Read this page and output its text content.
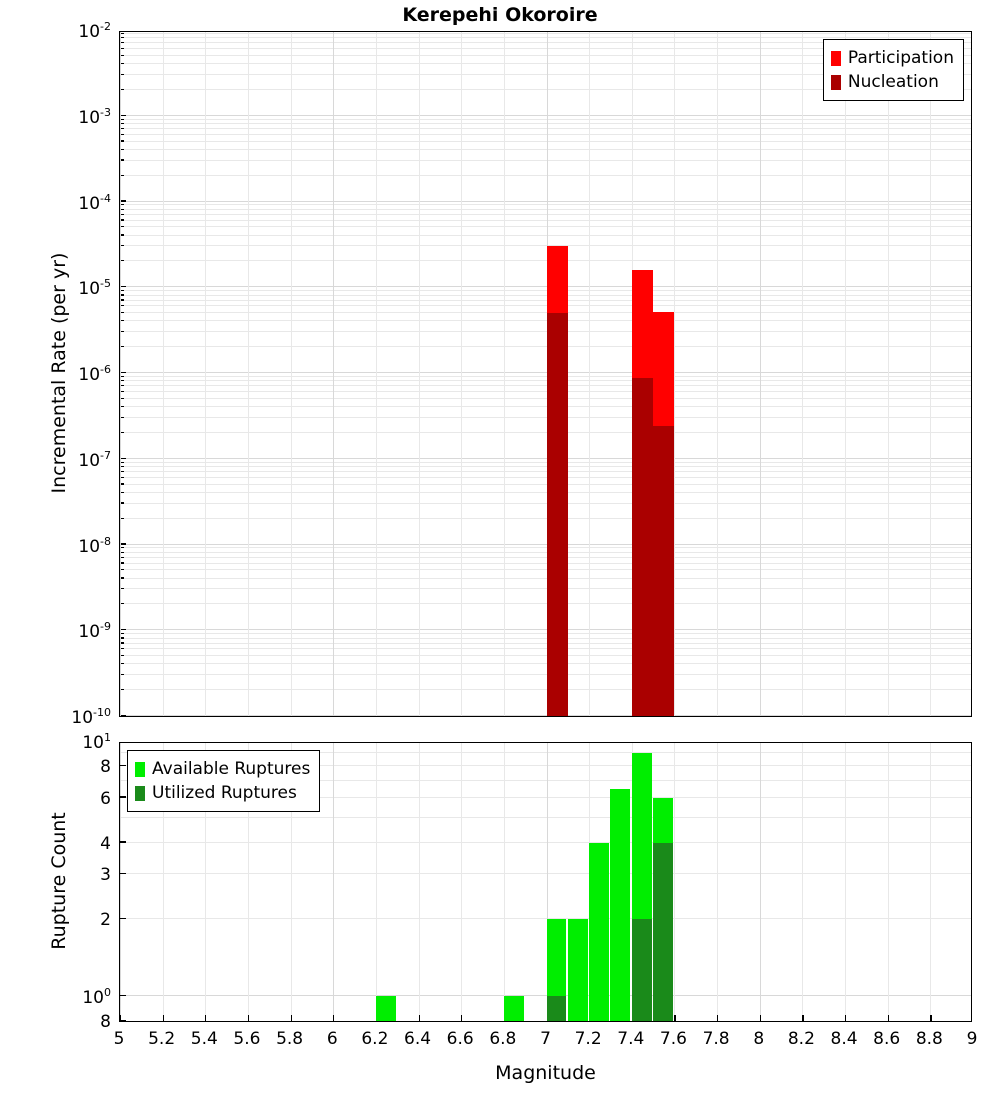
Kerepehi Okoroire
Participation
Nucleation
$10^{-10}$
$10^{-9}$
$10^{-8}$
$10^{-7}$
$10^{-6}$
$10^{-5}$
$10^{-4}$
$10^{-3}$
$10^{-2}$
Incremental Rate (per yr)
Available Ruptures
Utilized Ruptures
8
$10^0$
2
3
4
6
8
$10^1$
5 5.2 5.4 5.6 5.8 6 6.2 6.4 6.6 6.8 7 7.2 7.4 7.6 7.8 8 8.2 8.4 8.6 8.8 9
Rupture Count
Magnitude
